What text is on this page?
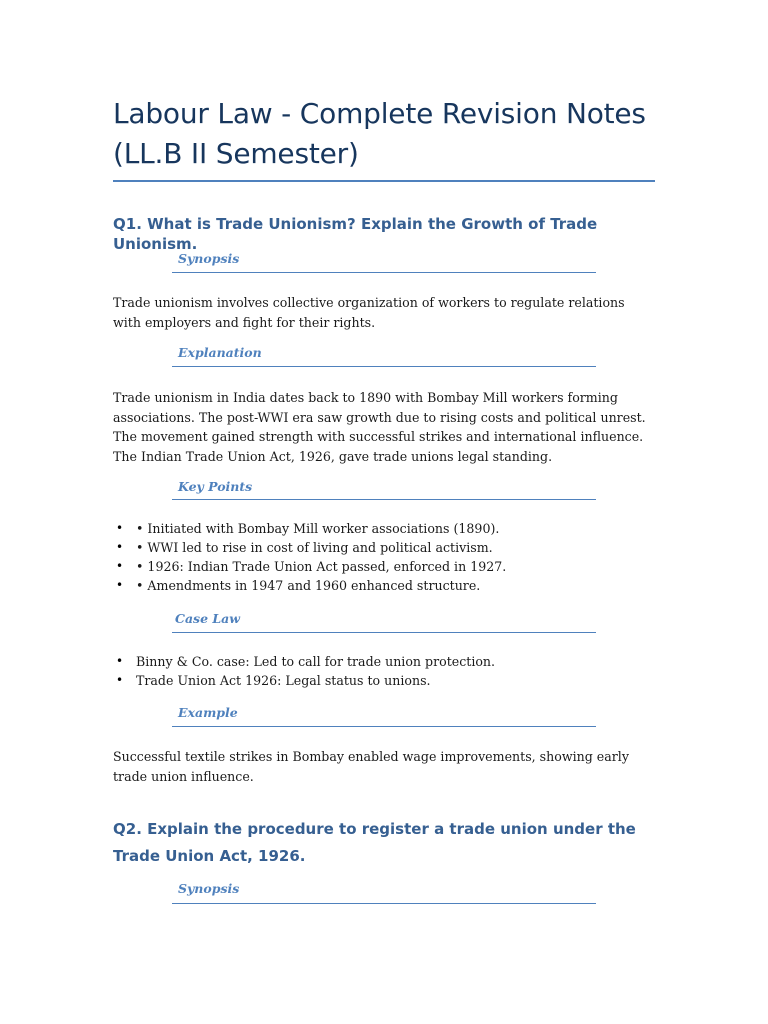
Labour Law - Complete Revision Notes (LL.B II Semester)
Q1. What is Trade Unionism? Explain the Growth of Trade Unionism.
Synopsis

Trade unionism involves collective organization of workers to regulate relations with employers and fight for their rights.

Explanation

Trade unionism in India dates back to 1890 with Bombay Mill workers forming associations. The post-WWI era saw growth due to rising costs and political unrest. The movement gained strength with successful strikes and international influence. The Indian Trade Union Act, 1926, gave trade unions legal standing.

Key Points
• • Initiated with Bombay Mill worker associations (1890).
• • WWI led to rise in cost of living and political activism.
• • 1926: Indian Trade Union Act passed, enforced in 1927.
• • Amendments in 1947 and 1960 enhanced structure.
Case Law
• Binny & Co. case: Led to call for trade union protection.
• Trade Union Act 1926: Legal status to unions.
Example

Successful textile strikes in Bombay enabled wage improvements, showing early trade union influence.

Q2. Explain the procedure to register a trade union under the Trade Union Act, 1926.
Synopsis
